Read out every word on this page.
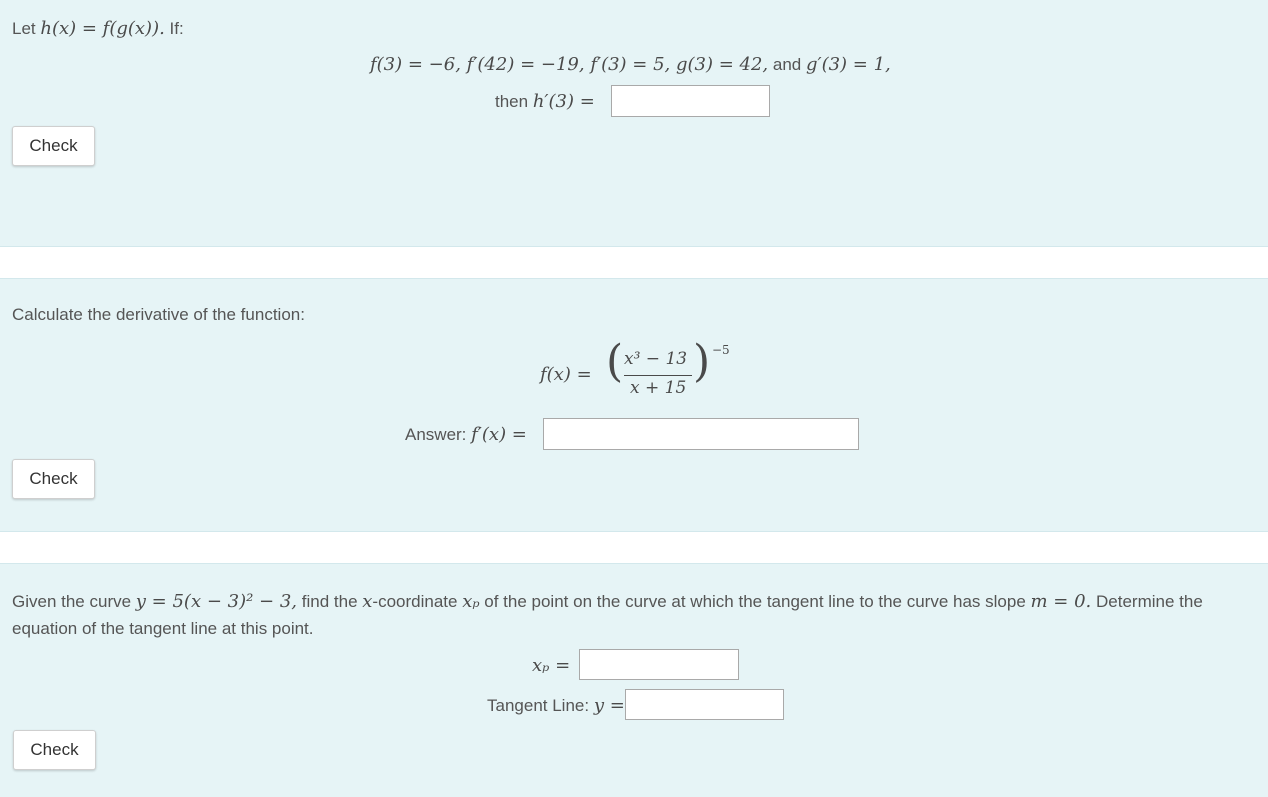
Let h(x) = f(g(x)). If:
f(3) = −6, f′(42) = −19, f′(3) = 5, g(3) = 42, and g′(3) = 1,
then h′(3) =
Check
Calculate the derivative of the function:
f(x) = ( x³ − 13
x + 15
) −5
Answer: f′(x) =
Check
Given the curve y = 5(x − 3)² − 3, find the x-coordinate xₚ of the point on the curve at which the tangent line to the curve has slope m = 0. Determine the
equation of the tangent line at this point.
xₚ =
Tangent Line: y =
Check
